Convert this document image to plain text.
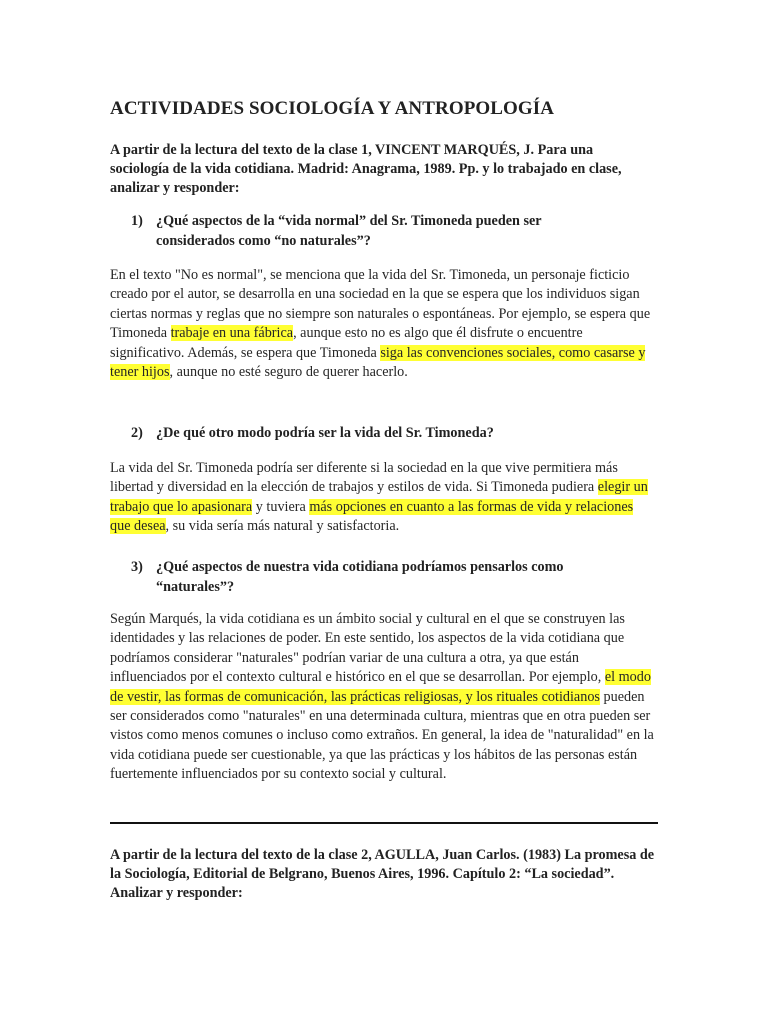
ACTIVIDADES SOCIOLOGÍA Y ANTROPOLOGÍA

A partir de la lectura del texto de la clase 1, VINCENT MARQUÉS, J. Para una sociología de la vida cotidiana. Madrid: Anagrama, 1989. Pp. y lo trabajado en clase, analizar y responder:

1) ¿Qué aspectos de la “vida normal” del Sr. Timoneda pueden ser considerados como “no naturales”?

En el texto "No es normal", se menciona que la vida del Sr. Timoneda, un personaje ficticio creado por el autor, se desarrolla en una sociedad en la que se espera que los individuos sigan ciertas normas y reglas que no siempre son naturales o espontáneas. Por ejemplo, se espera que Timoneda trabaje en una fábrica, aunque esto no es algo que él disfrute o encuentre significativo. Además, se espera que Timoneda siga las convenciones sociales, como casarse y tener hijos, aunque no esté seguro de querer hacerlo.

2) ¿De qué otro modo podría ser la vida del Sr. Timoneda?

La vida del Sr. Timoneda podría ser diferente si la sociedad en la que vive permitiera más libertad y diversidad en la elección de trabajos y estilos de vida. Si Timoneda pudiera elegir un trabajo que lo apasionara y tuviera más opciones en cuanto a las formas de vida y relaciones que desea, su vida sería más natural y satisfactoria.

3) ¿Qué aspectos de nuestra vida cotidiana podríamos pensarlos como “naturales”?

Según Marqués, la vida cotidiana es un ámbito social y cultural en el que se construyen las identidades y las relaciones de poder. En este sentido, los aspectos de la vida cotidiana que podríamos considerar "naturales" podrían variar de una cultura a otra, ya que están influenciados por el contexto cultural e histórico en el que se desarrollan. Por ejemplo, el modo de vestir, las formas de comunicación, las prácticas religiosas, y los rituales cotidianos pueden ser considerados como "naturales" en una determinada cultura, mientras que en otra pueden ser vistos como menos comunes o incluso como extraños. En general, la idea de "naturalidad" en la vida cotidiana puede ser cuestionable, ya que las prácticas y los hábitos de las personas están fuertemente influenciados por su contexto social y cultural.

A partir de la lectura del texto de la clase 2, AGULLA, Juan Carlos. (1983) La promesa de la Sociología, Editorial de Belgrano, Buenos Aires, 1996. Capítulo 2: “La sociedad”. Analizar y responder:
